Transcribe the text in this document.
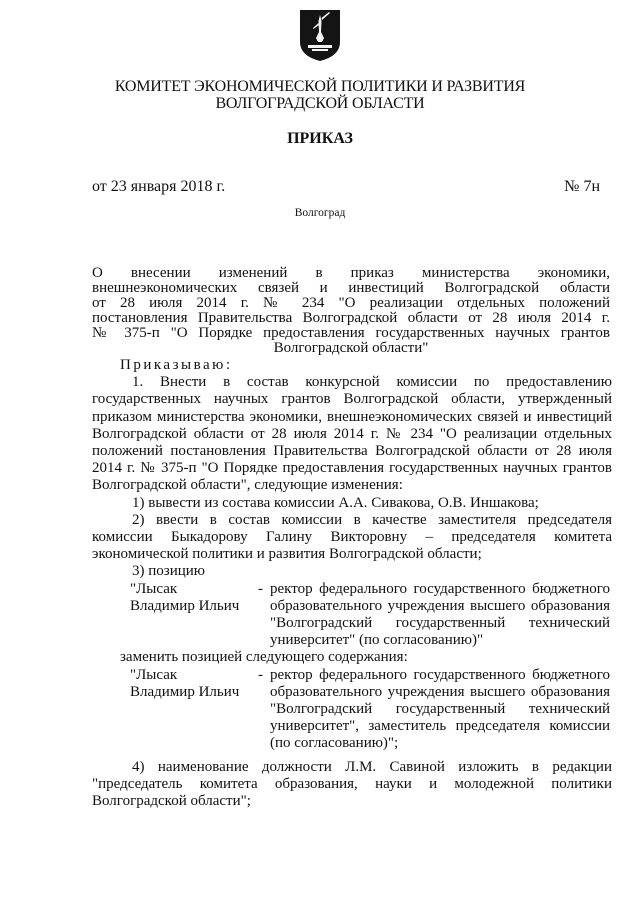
КОМИТЕТ ЭКОНОМИЧЕСКОЙ ПОЛИТИКИ И РАЗВИТИЯ
ВОЛГОГРАДСКОЙ ОБЛАСТИ
ПРИКАЗ
от 23 января 2018 г.	№ 7н
Волгоград
О внесении изменений в приказ министерства экономики,
внешнеэкономических связей и инвестиций Волгоградской области
от 28 июля 2014 г. № 234 "О реализации отдельных положений
постановления Правительства Волгоградской области от 28 июля 2014 г.
№ 375-п "О Порядке предоставления государственных научных грантов
Волгоградской области"
Приказываю:
1. Внести в состав конкурсной комиссии по предоставлению государственных научных грантов Волгоградской области, утвержденный приказом министерства экономики, внешнеэкономических связей и инвестиций Волгоградской области от 28 июля 2014 г. № 234 "О реализации отдельных положений постановления Правительства Волгоградской области от 28 июля 2014 г. № 375-п "О Порядке предоставления государственных научных грантов Волгоградской области", следующие изменения:
1) вывести из состава комиссии А.А. Сивакова, О.В. Иншакова;
2) ввести в состав комиссии в качестве заместителя председателя комиссии Быкадорову Галину Викторовну – председателя комитета экономической политики и развития Волгоградской области;
3) позицию
"Лысак
Владимир Ильич
- ректор федерального государственного бюджетного образовательного учреждения высшего образования "Волгоградский государственный технический университет" (по согласованию)"
заменить позицией следующего содержания:
"Лысак
Владимир Ильич
- ректор федерального государственного бюджетного образовательного учреждения высшего образования "Волгоградский государственный технический университет", заместитель председателя комиссии (по согласованию)";
4) наименование должности Л.М. Савиной изложить в редакции "председатель комитета образования, науки и молодежной политики Волгоградской области";
